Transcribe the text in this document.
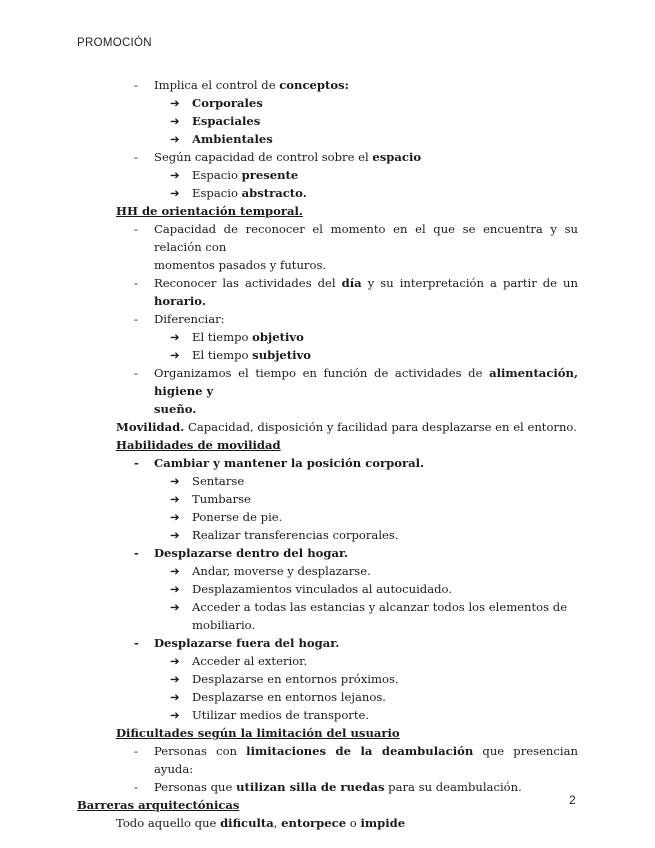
PROMOCIÓN
- Implica el control de conceptos:
➔ Corporales
➔ Espaciales
➔ Ambientales
- Según capacidad de control sobre el espacio
➔ Espacio presente
➔ Espacio abstracto.
HH de orientación temporal.
- Capacidad de reconocer el momento en el que se encuentra y su relación con
momentos pasados y futuros.
- Reconocer las actividades del día y su interpretación a partir de un horario.
- Diferenciar:
➔ El tiempo objetivo
➔ El tiempo subjetivo
- Organizamos el tiempo en función de actividades de alimentación, higiene y
sueño.
Movilidad. Capacidad, disposición y facilidad para desplazarse en el entorno.
Habilidades de movilidad
- Cambiar y mantener la posición corporal.
➔ Sentarse
➔ Tumbarse
➔ Ponerse de pie.
➔ Realizar transferencias corporales.
- Desplazarse dentro del hogar.
➔ Andar, moverse y desplazarse.
➔ Desplazamientos vinculados al autocuidado.
➔ Acceder a todas las estancias y alcanzar todos los elementos de
mobiliario.
- Desplazarse fuera del hogar.
➔ Acceder al exterior.
➔ Desplazarse en entornos próximos.
➔ Desplazarse en entornos lejanos.
➔ Utilizar medios de transporte.
Dificultades según la limitación del usuario
- Personas con limitaciones de la deambulación que presencian ayuda:
- Personas que utilizan silla de ruedas para su deambulación.
Barreras arquitectónicas
Todo aquello que dificulta, entorpece o impide
2
